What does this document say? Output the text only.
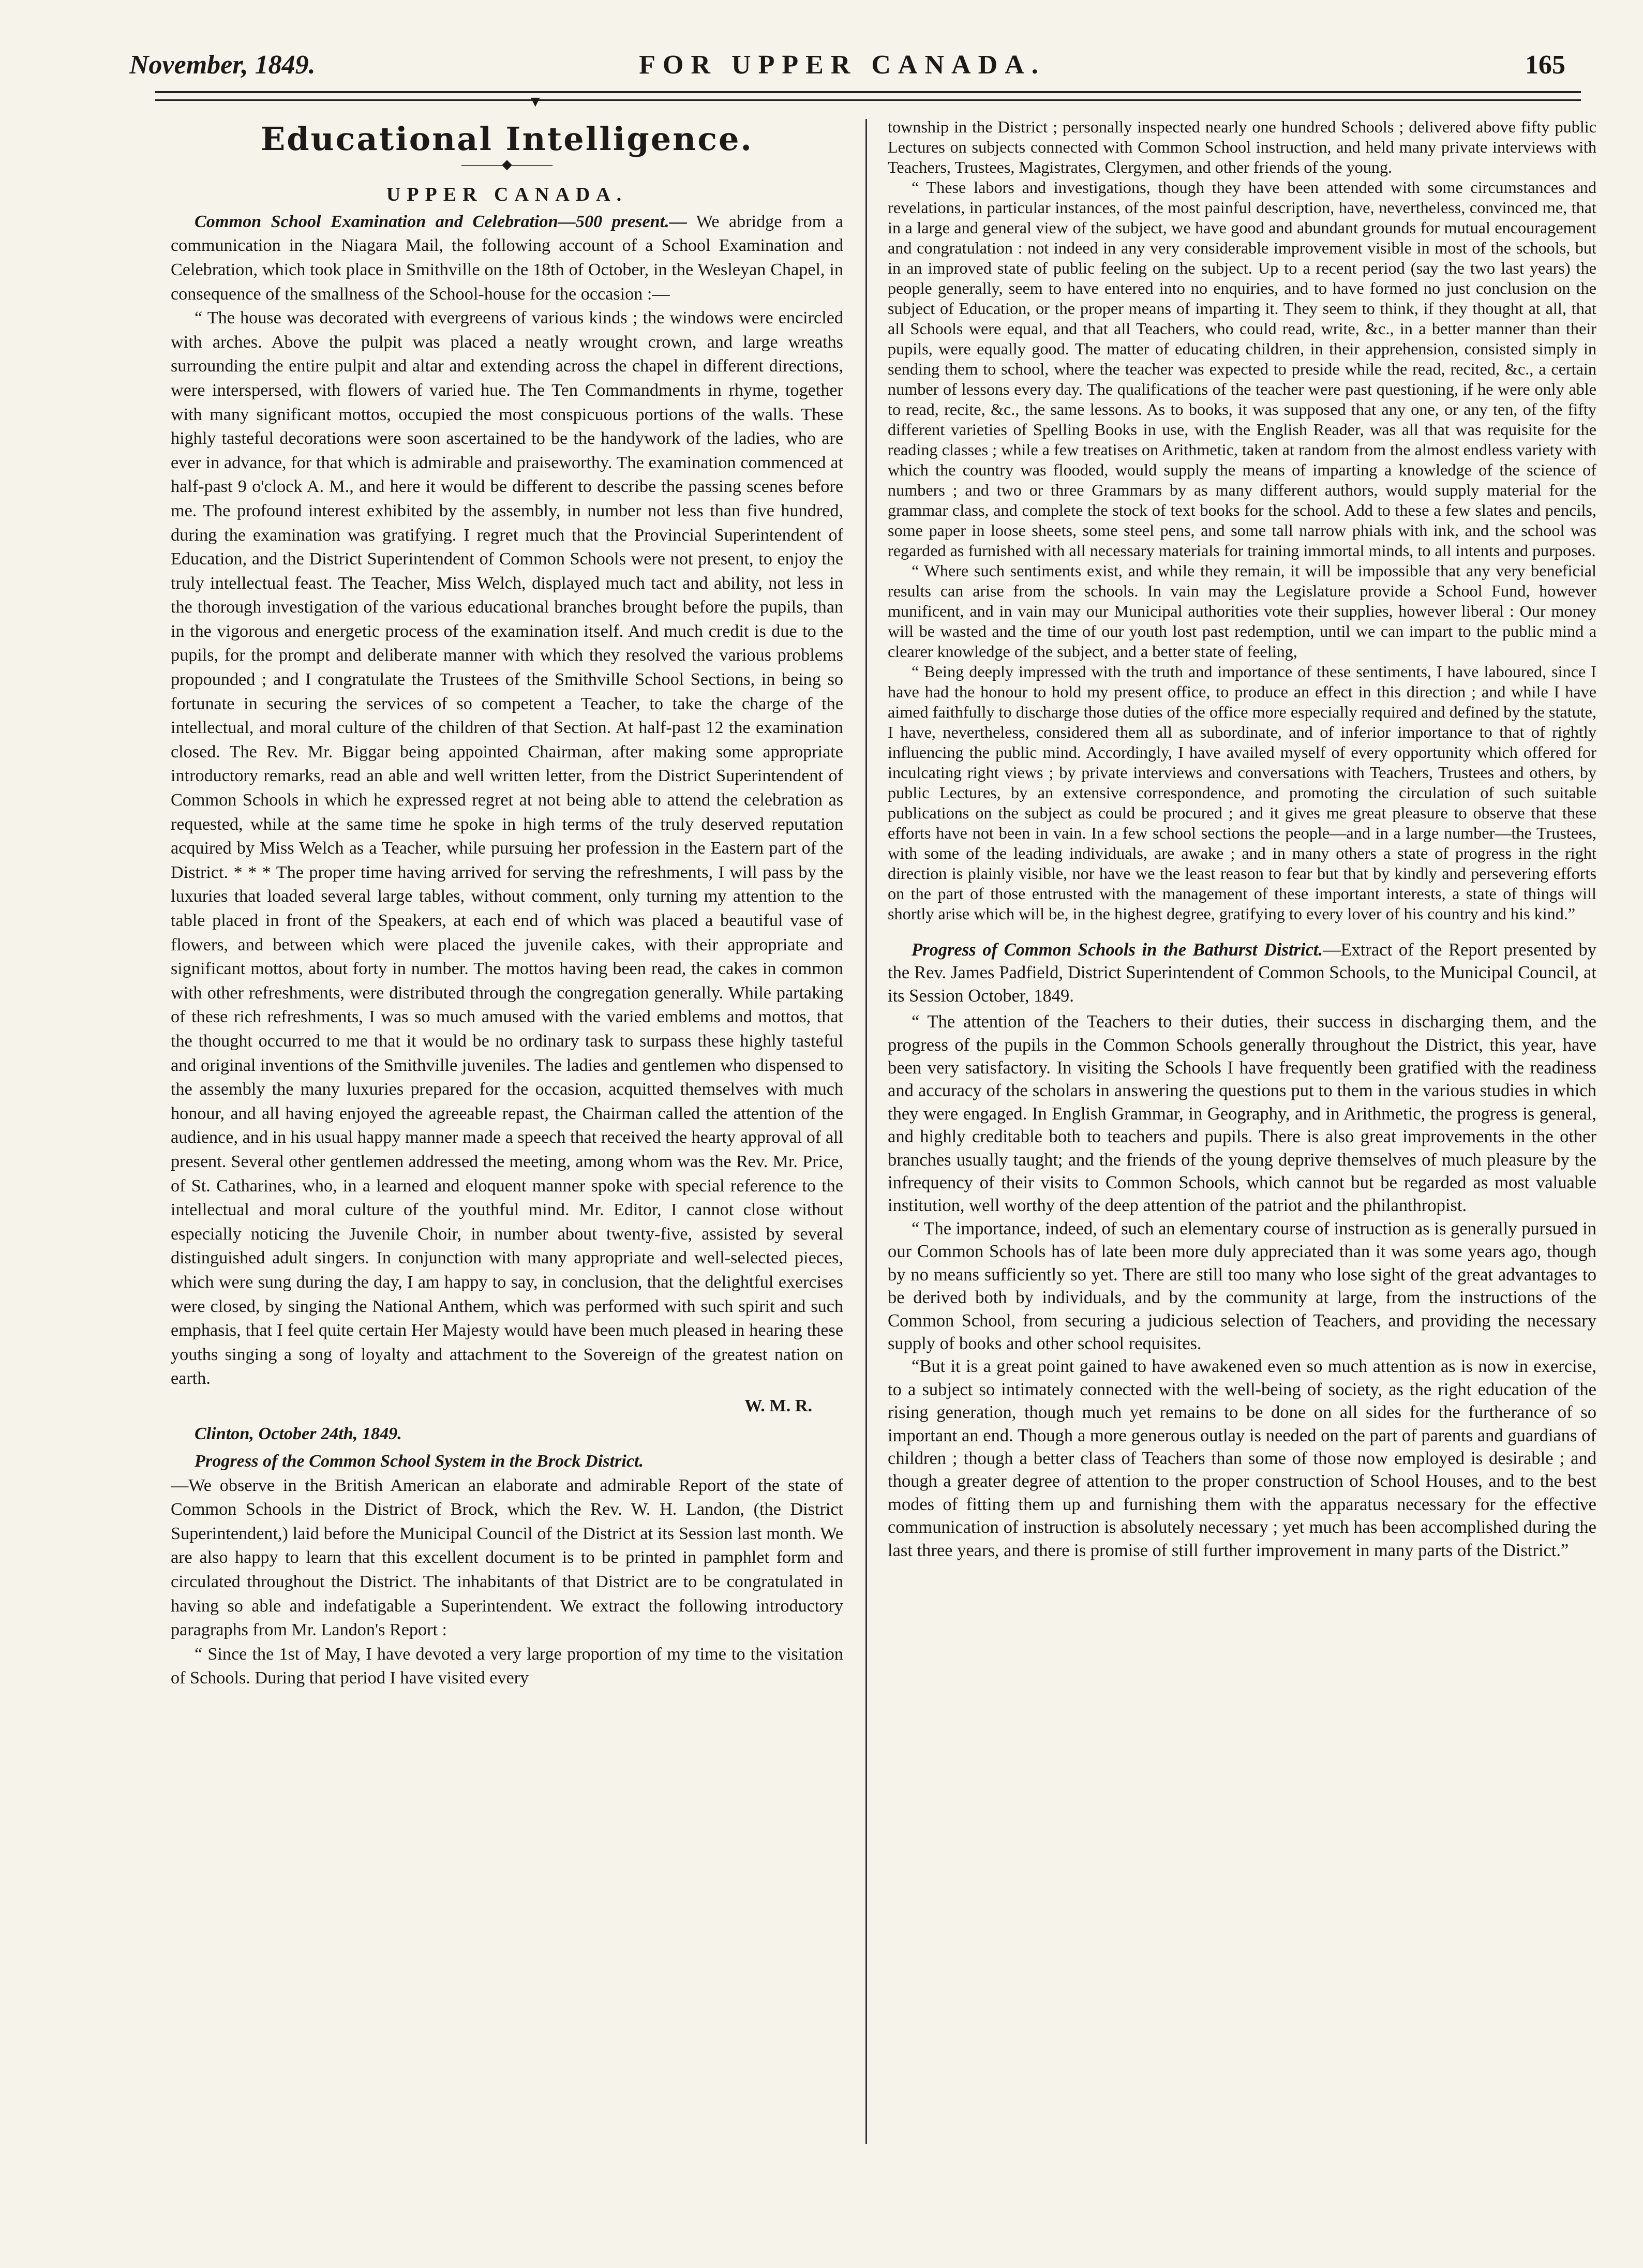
November, 1849.	FOR UPPER CANADA.	165
▼
Educational Intelligence.
———◆———
UPPER CANADA.

Common School Examination and Celebration—500 present.— We abridge from a communication in the Niagara Mail, the following account of a School Examination and Celebration, which took place in Smithville on the 18th of October, in the Wesleyan Chapel, in consequence of the smallness of the School-house for the occasion :—

“ The house was decorated with evergreens of various kinds ; the windows were encircled with arches. Above the pulpit was placed a neatly wrought crown, and large wreaths surrounding the entire pulpit and altar and extending across the chapel in different directions, were interspersed, with flowers of varied hue. The Ten Commandments in rhyme, together with many significant mottos, occupied the most conspicuous portions of the walls. These highly tasteful decorations were soon ascertained to be the handywork of the ladies, who are ever in advance, for that which is admirable and praiseworthy. The examination commenced at half-past 9 o'clock A. M., and here it would be different to describe the passing scenes before me. The profound interest exhibited by the assembly, in number not less than five hundred, during the examination was gratifying. I regret much that the Provincial Superintendent of Education, and the District Superintendent of Common Schools were not present, to enjoy the truly intellectual feast. The Teacher, Miss Welch, displayed much tact and ability, not less in the thorough investigation of the various educational branches brought before the pupils, than in the vigorous and energetic process of the examination itself. And much credit is due to the pupils, for the prompt and deliberate manner with which they resolved the various problems propounded ; and I congratulate the Trustees of the Smithville School Sections, in being so fortunate in securing the services of so competent a Teacher, to take the charge of the intellectual, and moral culture of the children of that Section. At half-past 12 the examination closed. The Rev. Mr. Biggar being appointed Chairman, after making some appropriate introductory remarks, read an able and well written letter, from the District Superintendent of Common Schools in which he expressed regret at not being able to attend the celebration as requested, while at the same time he spoke in high terms of the truly deserved reputation acquired by Miss Welch as a Teacher, while pursuing her profession in the Eastern part of the District. * * * The proper time having arrived for serving the refreshments, I will pass by the luxuries that loaded several large tables, without comment, only turning my attention to the table placed in front of the Speakers, at each end of which was placed a beautiful vase of flowers, and between which were placed the juvenile cakes, with their appropriate and significant mottos, about forty in number. The mottos having been read, the cakes in common with other refreshments, were distributed through the congregation generally. While partaking of these rich refreshments, I was so much amused with the varied emblems and mottos, that the thought occurred to me that it would be no ordinary task to surpass these highly tasteful and original inventions of the Smithville juveniles. The ladies and gentlemen who dispensed to the assembly the many luxuries prepared for the occasion, acquitted themselves with much honour, and all having enjoyed the agreeable repast, the Chairman called the attention of the audience, and in his usual happy manner made a speech that received the hearty approval of all present. Several other gentlemen addressed the meeting, among whom was the Rev. Mr. Price, of St. Catharines, who, in a learned and eloquent manner spoke with special reference to the intellectual and moral culture of the youthful mind. Mr. Editor, I cannot close without especially noticing the Juvenile Choir, in number about twenty-five, assisted by several distinguished adult singers. In conjunction with many appropriate and well-selected pieces, which were sung during the day, I am happy to say, in conclusion, that the delightful exercises were closed, by singing the National Anthem, which was performed with such spirit and such emphasis, that I feel quite certain Her Majesty would have been much pleased in hearing these youths singing a song of loyalty and attachment to the Sovereign of the greatest nation on earth.

W. M. R.
Clinton, October 24th, 1849.

Progress of the Common School System in the Brock District.

—We observe in the British American an elaborate and admirable Report of the state of Common Schools in the District of Brock, which the Rev. W. H. Landon, (the District Superintendent,) laid before the Municipal Council of the District at its Session last month. We are also happy to learn that this excellent document is to be printed in pamphlet form and circulated throughout the District. The inhabitants of that District are to be congratulated in having so able and indefatigable a Superintendent. We extract the following introductory paragraphs from Mr. Landon's Report :

“ Since the 1st of May, I have devoted a very large proportion of my time to the visitation of Schools. During that period I have visited every

township in the District ; personally inspected nearly one hundred Schools ; delivered above fifty public Lectures on subjects connected with Common School instruction, and held many private interviews with Teachers, Trustees, Magistrates, Clergymen, and other friends of the young.

“ These labors and investigations, though they have been attended with some circumstances and revelations, in particular instances, of the most painful description, have, nevertheless, convinced me, that in a large and general view of the subject, we have good and abundant grounds for mutual encouragement and congratulation : not indeed in any very considerable improvement visible in most of the schools, but in an improved state of public feeling on the subject. Up to a recent period (say the two last years) the people generally, seem to have entered into no enquiries, and to have formed no just conclusion on the subject of Education, or the proper means of imparting it. They seem to think, if they thought at all, that all Schools were equal, and that all Teachers, who could read, write, &c., in a better manner than their pupils, were equally good. The matter of educating children, in their apprehension, consisted simply in sending them to school, where the teacher was expected to preside while the read, recited, &c., a certain number of lessons every day. The qualifications of the teacher were past questioning, if he were only able to read, recite, &c., the same lessons. As to books, it was supposed that any one, or any ten, of the fifty different varieties of Spelling Books in use, with the English Reader, was all that was requisite for the reading classes ; while a few treatises on Arithmetic, taken at random from the almost endless variety with which the country was flooded, would supply the means of imparting a knowledge of the science of numbers ; and two or three Grammars by as many different authors, would supply material for the grammar class, and complete the stock of text books for the school. Add to these a few slates and pencils, some paper in loose sheets, some steel pens, and some tall narrow phials with ink, and the school was regarded as furnished with all necessary materials for training immortal minds, to all intents and purposes.

“ Where such sentiments exist, and while they remain, it will be impossible that any very beneficial results can arise from the schools. In vain may the Legislature provide a School Fund, however munificent, and in vain may our Municipal authorities vote their supplies, however liberal : Our money will be wasted and the time of our youth lost past redemption, until we can impart to the public mind a clearer knowledge of the subject, and a better state of feeling,

“ Being deeply impressed with the truth and importance of these sentiments, I have laboured, since I have had the honour to hold my present office, to produce an effect in this direction ; and while I have aimed faithfully to discharge those duties of the office more especially required and defined by the statute, I have, nevertheless, considered them all as subordinate, and of inferior importance to that of rightly influencing the public mind. Accordingly, I have availed myself of every opportunity which offered for inculcating right views ; by private interviews and conversations with Teachers, Trustees and others, by public Lectures, by an extensive correspondence, and promoting the circulation of such suitable publications on the subject as could be procured ; and it gives me great pleasure to observe that these efforts have not been in vain. In a few school sections the people—and in a large number—the Trustees, with some of the leading individuals, are awake ; and in many others a state of progress in the right direction is plainly visible, nor have we the least reason to fear but that by kindly and persevering efforts on the part of those entrusted with the management of these important interests, a state of things will shortly arise which will be, in the highest degree, gratifying to every lover of his country and his kind.”

Progress of Common Schools in the Bathurst District.—Extract of the Report presented by the Rev. James Padfield, District Superintendent of Common Schools, to the Municipal Council, at its Session October, 1849.

“ The attention of the Teachers to their duties, their success in discharging them, and the progress of the pupils in the Common Schools generally throughout the District, this year, have been very satisfactory. In visiting the Schools I have frequently been gratified with the readiness and accuracy of the scholars in answering the questions put to them in the various studies in which they were engaged. In English Grammar, in Geography, and in Arithmetic, the progress is general, and highly creditable both to teachers and pupils. There is also great improvements in the other branches usually taught; and the friends of the young deprive themselves of much pleasure by the infrequency of their visits to Common Schools, which cannot but be regarded as most valuable institution, well worthy of the deep attention of the patriot and the philanthropist.

“ The importance, indeed, of such an elementary course of instruction as is generally pursued in our Common Schools has of late been more duly appreciated than it was some years ago, though by no means sufficiently so yet. There are still too many who lose sight of the great advantages to be derived both by individuals, and by the community at large, from the instructions of the Common School, from securing a judicious selection of Teachers, and providing the necessary supply of books and other school requisites.

“But it is a great point gained to have awakened even so much attention as is now in exercise, to a subject so intimately connected with the well-being of society, as the right education of the rising generation, though much yet remains to be done on all sides for the furtherance of so important an end. Though a more generous outlay is needed on the part of parents and guardians of children ; though a better class of Teachers than some of those now employed is desirable ; and though a greater degree of attention to the proper construction of School Houses, and to the best modes of fitting them up and furnishing them with the apparatus necessary for the effective communication of instruction is absolutely necessary ; yet much has been accomplished during the last three years, and there is promise of still further improvement in many parts of the District.”
